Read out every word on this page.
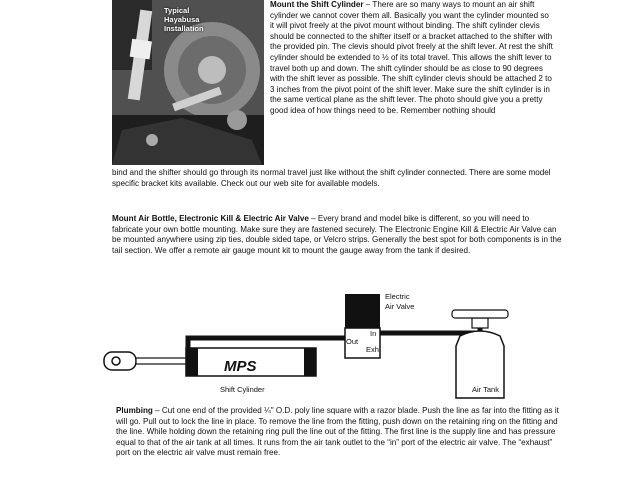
Typical
Hayabusa
Installation
Mount the Shift Cylinder – There are so many ways to mount an air shift cylinder we cannot cover them all. Basically you want the cylinder mounted so it will pivot freely at the pivot mount without binding. The shift cylinder clevis should be connected to the shifter itself or a bracket attached to the shifter with the provided pin. The clevis should pivot freely at the shift lever. At rest the shift cylinder should be extended to ½ of its total travel. This allows the shift lever to travel both up and down. The shift cylinder should be as close to 90 degrees with the shift lever as possible. The shift cylinder clevis should be attached 2 to 3 inches from the pivot point of the shift lever. Make sure the shift cylinder is in the same vertical plane as the shift lever. The photo should give you a pretty good idea of how things need to be. Remember nothing should
bind and the shifter should go through its normal travel just like without the shift cylinder connected. There are some model specific bracket kits available. Check out our web site for available models.
Mount Air Bottle, Electronic Kill & Electric Air Valve – Every brand and model bike is different, so you will need to fabricate your own bottle mounting. Make sure they are fastened securely. The Electronic Engine Kill & Electric Air Valve can be mounted anywhere using zip ties, double sided tape, or Velcro strips. Generally the best spot for both components is in the tail section. We offer a remote air gauge mount kit to mount the gauge away from the tank if desired.
MPS
Shift Cylinder
Electric
Air Valve
In
Out
Exh
Air Tank
Plumbing – Cut one end of the provided ¼" O.D. poly line square with a razor blade. Push the line as far into the fitting as it will go. Pull out to lock the line in place. To remove the line from the fitting, push down on the retaining ring on the fitting and the line. While holding down the retaining ring pull the line out of the fitting. The first line is the supply line and has pressure equal to that of the air tank at all times. It runs from the air tank outlet to the “in” port of the electric air valve. The “exhaust” port on the electric air valve must remain free.
